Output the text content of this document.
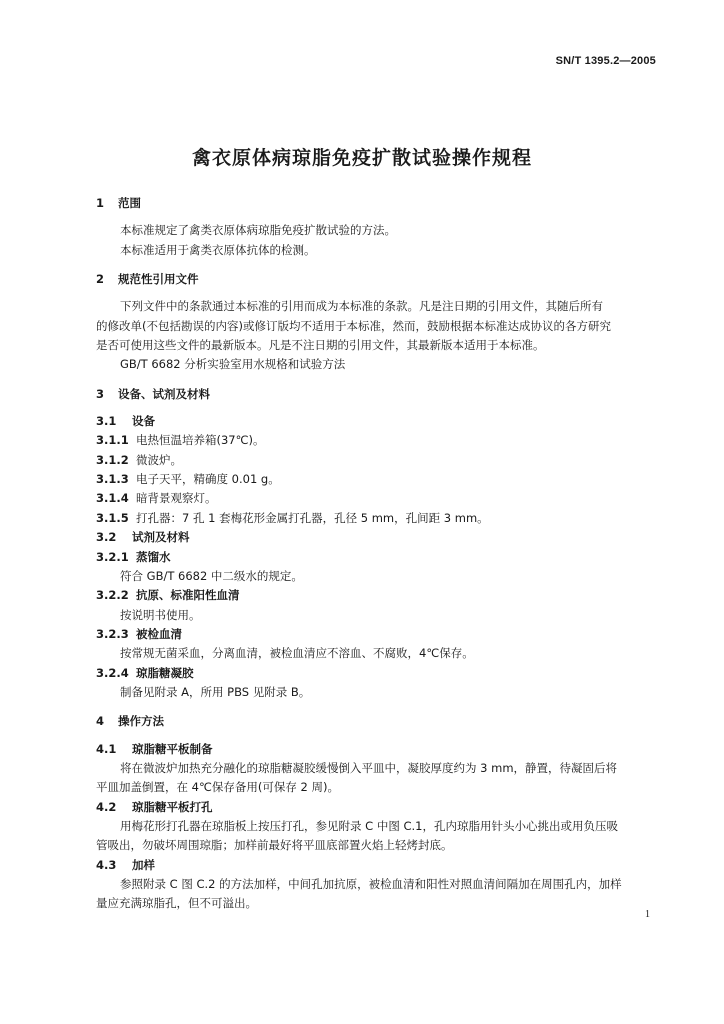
SN/T 1395.2—2005
禽衣原体病琼脂免疫扩散试验操作规程
1 范围
本标准规定了禽类衣原体病琼脂免疫扩散试验的方法。
本标准适用于禽类衣原体抗体的检测。
2 规范性引用文件
下列文件中的条款通过本标准的引用而成为本标准的条款。凡是注日期的引用文件，其随后所有
的修改单(不包括勘误的内容)或修订版均不适用于本标准，然而，鼓励根据本标准达成协议的各方研究
是否可使用这些文件的最新版本。凡是不注日期的引用文件，其最新版本适用于本标准。
GB/T 6682 分析实验室用水规格和试验方法
3 设备、试剂及材料
3.1 设备
3.1.1 电热恒温培养箱(37℃)。
3.1.2 微波炉。
3.1.3 电子天平，精确度 0.01 g。
3.1.4 暗背景观察灯。
3.1.5 打孔器：7 孔 1 套梅花形金属打孔器，孔径 5 mm，孔间距 3 mm。
3.2 试剂及材料
3.2.1 蒸馏水
符合 GB/T 6682 中二级水的规定。
3.2.2 抗原、标准阳性血清
按说明书使用。
3.2.3 被检血清
按常规无菌采血，分离血清，被检血清应不溶血、不腐败，4℃保存。
3.2.4 琼脂糖凝胶
制备见附录 A，所用 PBS 见附录 B。
4 操作方法
4.1 琼脂糖平板制备
将在微波炉加热充分融化的琼脂糖凝胶缓慢倒入平皿中，凝胶厚度约为 3 mm，静置，待凝固后将
平皿加盖倒置，在 4℃保存备用(可保存 2 周)。
4.2 琼脂糖平板打孔
用梅花形打孔器在琼脂板上按压打孔，参见附录 C 中图 C.1，孔内琼脂用针头小心挑出或用负压吸
管吸出，勿破坏周围琼脂；加样前最好将平皿底部置火焰上轻烤封底。
4.3 加样
参照附录 C 图 C.2 的方法加样，中间孔加抗原，被检血清和阳性对照血清间隔加在周围孔内，加样
量应充满琼脂孔，但不可溢出。
1
